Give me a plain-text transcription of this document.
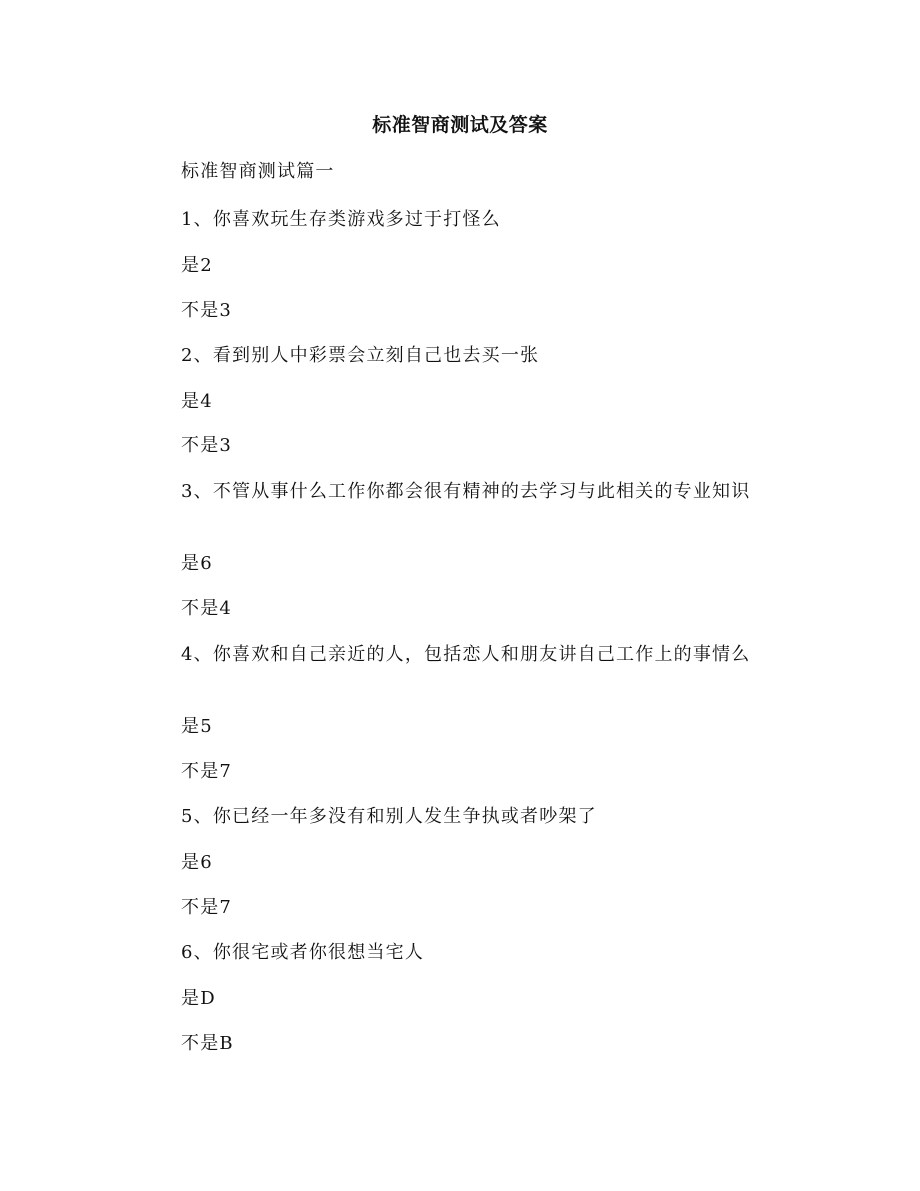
标准智商测试及答案
标准智商测试篇一
1、你喜欢玩生存类游戏多过于打怪么
是2
不是3
2、看到别人中彩票会立刻自己也去买一张
是4
不是3
3、不管从事什么工作你都会很有精神的去学习与此相关的专业知识
是6
不是4
4、你喜欢和自己亲近的人，包括恋人和朋友讲自己工作上的事情么
是5
不是7
5、你已经一年多没有和别人发生争执或者吵架了
是6
不是7
6、你很宅或者你很想当宅人
是D
不是B
